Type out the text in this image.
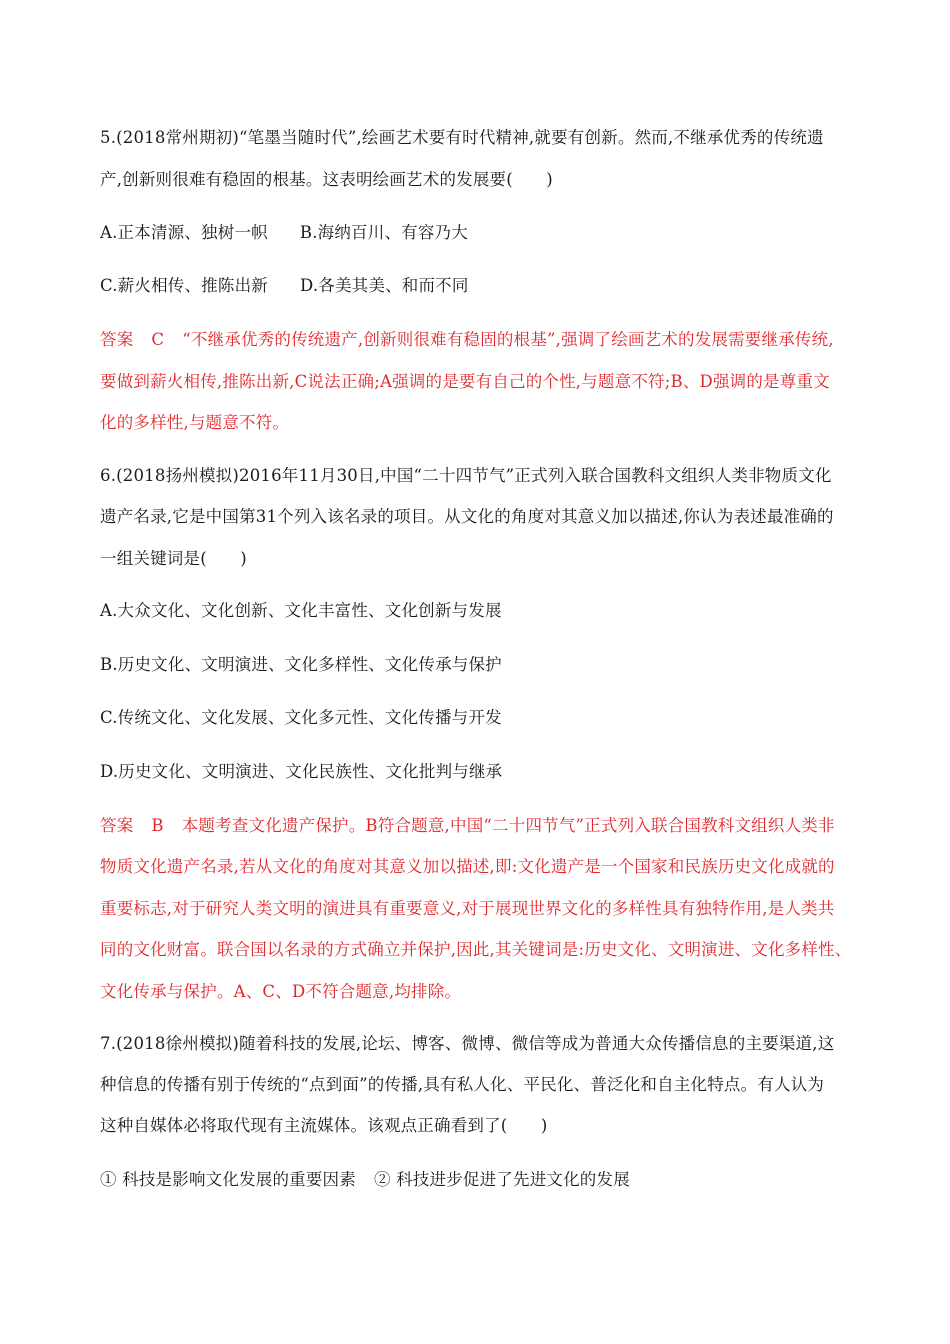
5.(2018常州期初)“笔墨当随时代”,绘画艺术要有时代精神,就要有创新。然而,不继承优秀的传统遗
产,创新则很难有稳固的根基。这表明绘画艺术的发展要(　　)
A.正本清源、独树一帜 B.海纳百川、有容乃大
C.薪火相传、推陈出新 D.各美其美、和而不同
答案 C “不继承优秀的传统遗产,创新则很难有稳固的根基”,强调了绘画艺术的发展需要继承传统,
要做到薪火相传,推陈出新,C说法正确;A强调的是要有自己的个性,与题意不符;B、D强调的是尊重文
化的多样性,与题意不符。
6.(2018扬州模拟)2016年11月30日,中国“二十四节气”正式列入联合国教科文组织人类非物质文化
遗产名录,它是中国第31个列入该名录的项目。从文化的角度对其意义加以描述,你认为表述最准确的
一组关键词是(　　)
A.大众文化、文化创新、文化丰富性、文化创新与发展
B.历史文化、文明演进、文化多样性、文化传承与保护
C.传统文化、文化发展、文化多元性、文化传播与开发
D.历史文化、文明演进、文化民族性、文化批判与继承
答案 B 本题考查文化遗产保护。B符合题意,中国“二十四节气”正式列入联合国教科文组织人类非
物质文化遗产名录,若从文化的角度对其意义加以描述,即:文化遗产是一个国家和民族历史文化成就的
重要标志,对于研究人类文明的演进具有重要意义,对于展现世界文化的多样性具有独特作用,是人类共
同的文化财富。联合国以名录的方式确立并保护,因此,其关键词是:历史文化、文明演进、文化多样性、
文化传承与保护。A、C、D不符合题意,均排除。
7.(2018徐州模拟)随着科技的发展,论坛、博客、微博、微信等成为普通大众传播信息的主要渠道,这
种信息的传播有别于传统的“点到面”的传播,具有私人化、平民化、普泛化和自主化特点。有人认为
这种自媒体必将取代现有主流媒体。该观点正确看到了(　　)
① 科技是影响文化发展的重要因素 ② 科技进步促进了先进文化的发展
